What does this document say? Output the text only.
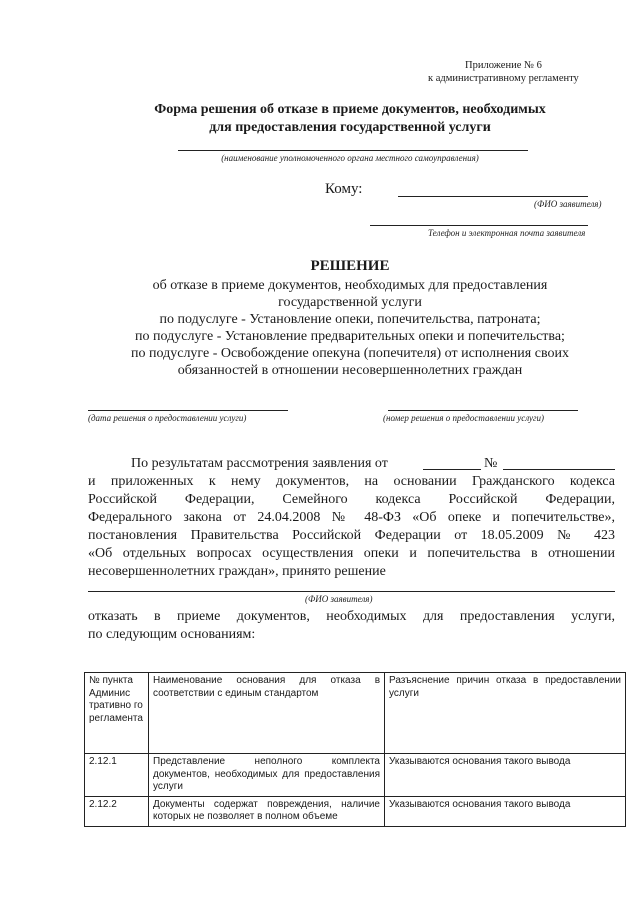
Приложение № 6
к административному регламенту
Форма решения об отказе в приеме документов, необходимых
для предоставления государственной услуги
(наименование уполномоченного органа местного самоуправления)
Кому:
(ФИО заявителя)
Телефон и электронная почта заявителя
РЕШЕНИЕ
об отказе в приеме документов, необходимых для предоставления
государственной услуги
по подуслуге - Установление опеки, попечительства, патроната;
по подуслуге - Установление предварительных опеки и попечительства;
по подуслуге - Освобождение опекуна (попечителя) от исполнения своих
обязанностей в отношении несовершеннолетних граждан
(дата решения о предоставлении услуги)	(номер решения о предоставлении услуги)
По результатам рассмотрения заявления от	№
и приложенных к нему документов, на основании Гражданского кодекса
Российской Федерации, Семейного кодекса Российской Федерации,
Федерального закона от 24.04.2008 № 48-ФЗ «Об опеке и попечительстве»,
постановления Правительства Российской Федерации от 18.05.2009 № 423
«Об отдельных вопросах осуществления опеки и попечительства в отношении
несовершеннолетних граждан», принято решение
(ФИО заявителя)
отказать в приеме документов, необходимых для предоставления услуги,
по следующим основаниям:
№ пункта Админис тративно го регламента	Наименование основания для отказа в соответствии с единым стандартом	Разъяснение причин отказа в предоставлении услуги
2.12.1	Представление неполного комплекта документов, необходимых для предоставления услуги	Указываются основания такого вывода
2.12.2	Документы содержат повреждения, наличие которых не позволяет в полном объеме	Указываются основания такого вывода
